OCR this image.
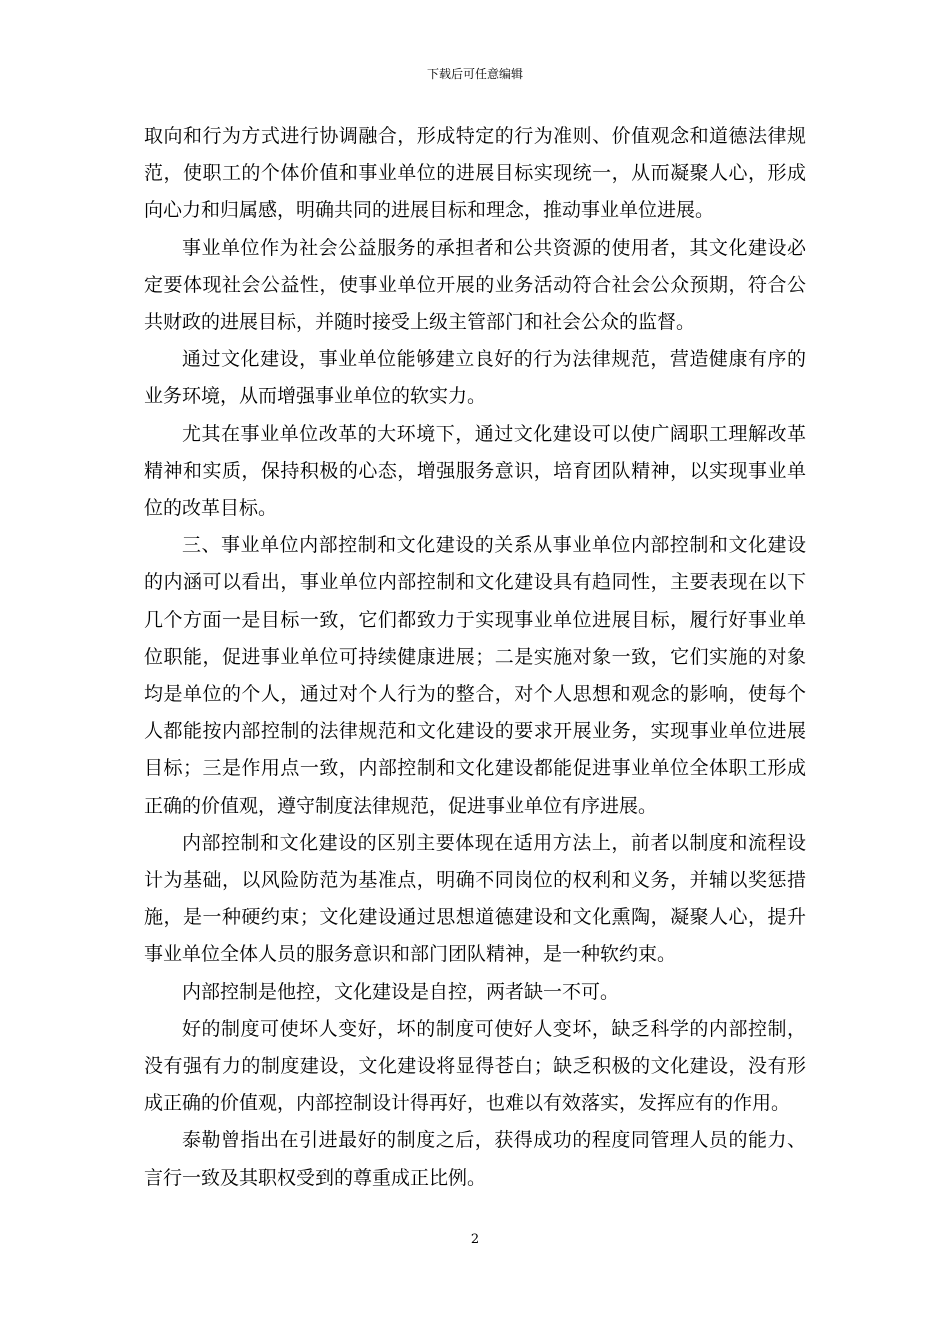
下载后可任意编辑

取向和行为方式进行协调融合，形成特定的行为准则、价值观念和道德法律规范，使职工的个体价值和事业单位的进展目标实现统一，从而凝聚人心，形成向心力和归属感，明确共同的进展目标和理念，推动事业单位进展。

事业单位作为社会公益服务的承担者和公共资源的使用者，其文化建设必定要体现社会公益性，使事业单位开展的业务活动符合社会公众预期，符合公共财政的进展目标，并随时接受上级主管部门和社会公众的监督。

通过文化建设，事业单位能够建立良好的行为法律规范，营造健康有序的业务环境，从而增强事业单位的软实力。

尤其在事业单位改革的大环境下，通过文化建设可以使广阔职工理解改革精神和实质，保持积极的心态，增强服务意识，培育团队精神，以实现事业单位的改革目标。

三、事业单位内部控制和文化建设的关系从事业单位内部控制和文化建设的内涵可以看出，事业单位内部控制和文化建设具有趋同性，主要表现在以下几个方面一是目标一致，它们都致力于实现事业单位进展目标，履行好事业单位职能，促进事业单位可持续健康进展；二是实施对象一致，它们实施的对象均是单位的个人，通过对个人行为的整合，对个人思想和观念的影响，使每个人都能按内部控制的法律规范和文化建设的要求开展业务，实现事业单位进展目标；三是作用点一致，内部控制和文化建设都能促进事业单位全体职工形成正确的价值观，遵守制度法律规范，促进事业单位有序进展。

内部控制和文化建设的区别主要体现在适用方法上，前者以制度和流程设计为基础，以风险防范为基准点，明确不同岗位的权利和义务，并辅以奖惩措施，是一种硬约束；文化建设通过思想道德建设和文化熏陶，凝聚人心，提升事业单位全体人员的服务意识和部门团队精神，是一种软约束。

内部控制是他控，文化建设是自控，两者缺一不可。

好的制度可使坏人变好，坏的制度可使好人变坏，缺乏科学的内部控制，没有强有力的制度建设，文化建设将显得苍白；缺乏积极的文化建设，没有形成正确的价值观，内部控制设计得再好，也难以有效落实，发挥应有的作用。

泰勒曾指出在引进最好的制度之后，获得成功的程度同管理人员的能力、言行一致及其职权受到的尊重成正比例。

2
